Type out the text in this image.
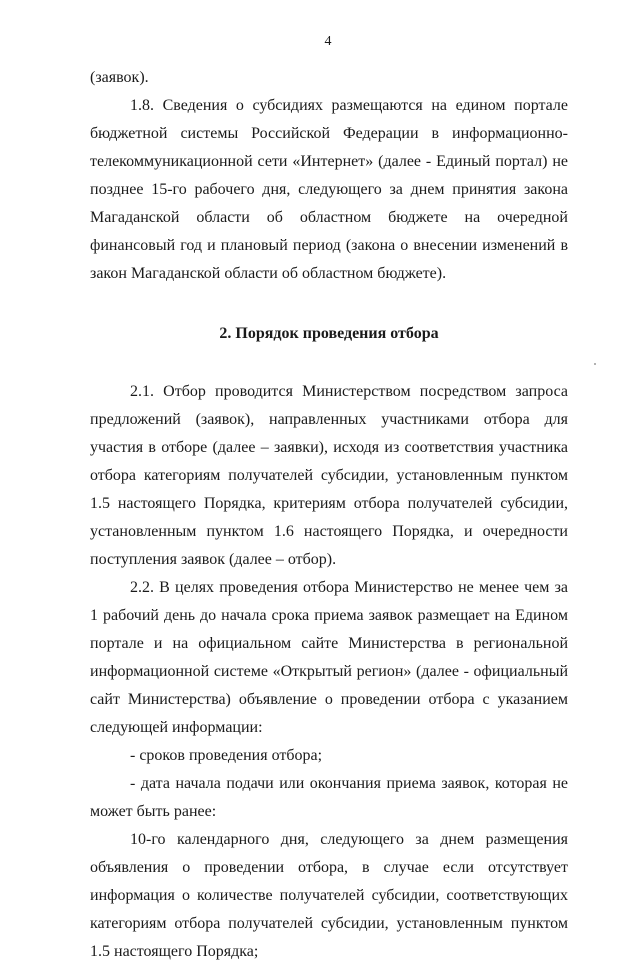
4

(заявок).

1.8. Сведения о субсидиях размещаются на едином портале бюджетной системы Российской Федерации в информационно-телекоммуникационной сети «Интернет» (далее - Единый портал) не позднее 15-го рабочего дня, следующего за днем принятия закона Магаданской области об областном бюджете на очередной финансовый год и плановый период (закона о внесении изменений в закон Магаданской области об областном бюджете).

2. Порядок проведения отбора

2.1. Отбор проводится Министерством посредством запроса предложений (заявок), направленных участниками отбора для участия в отборе (далее – заявки), исходя из соответствия участника отбора категориям получателей субсидии, установленным пунктом 1.5 настоящего Порядка, критериям отбора получателей субсидии, установленным пунктом 1.6 настоящего Порядка, и очередности поступления заявок (далее – отбор).

2.2. В целях проведения отбора Министерство не менее чем за 1 рабочий день до начала срока приема заявок размещает на Едином портале и на официальном сайте Министерства в региональной информационной системе «Открытый регион» (далее - официальный сайт Министерства) объявление о проведении отбора с указанием следующей информации:

- сроков проведения отбора;

- дата начала подачи или окончания приема заявок, которая не может быть ранее:

10-го календарного дня, следующего за днем размещения объявления о проведении отбора, в случае если отсутствует информация о количестве получателей субсидии, соответствующих категориям отбора получателей субсидии, установленным пунктом 1.5 настоящего Порядка;
